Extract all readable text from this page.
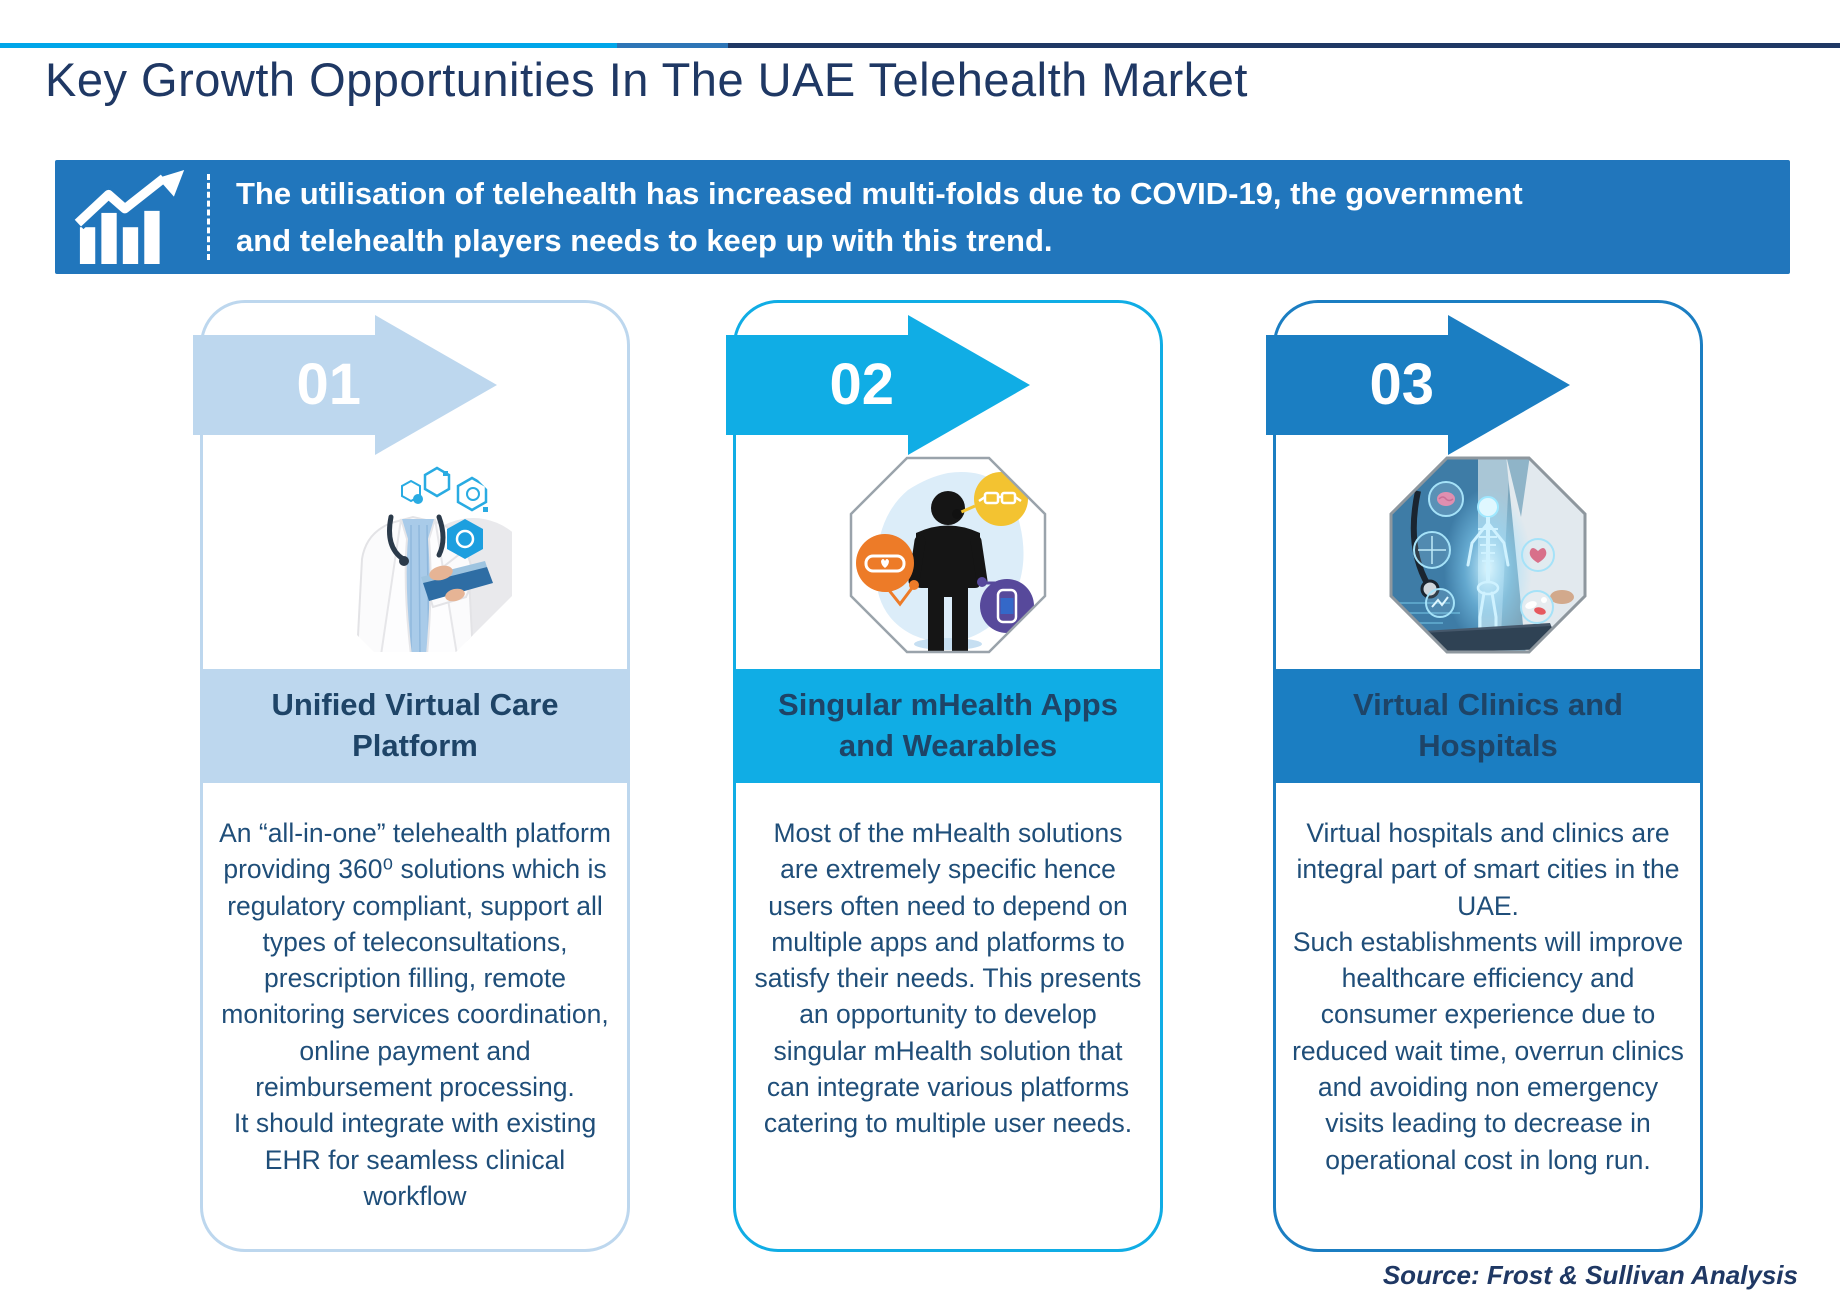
Key Growth Opportunities In The UAE Telehealth Market
The utilisation of telehealth has increased multi-folds due to COVID-19, the government
and telehealth players needs to keep up with this trend.
01
Unified Virtual Care Platform

An “all-in-one” telehealth platform providing 360⁰ solutions which is regulatory compliant, support all types of teleconsultations, prescription filling, remote monitoring services coordination, online payment and reimbursement processing.

It should integrate with existing EHR for seamless clinical workflow

02
Singular mHealth Apps and Wearables

Most of the mHealth solutions are extremely specific hence users often need to depend on multiple apps and platforms to satisfy their needs. This presents an opportunity to develop singular mHealth solution that can integrate various platforms catering to multiple user needs.

03
Virtual Clinics and Hospitals

Virtual hospitals and clinics are integral part of smart cities in the UAE.

Such establishments will improve healthcare efficiency and consumer experience due to reduced wait time, overrun clinics and avoiding non emergency visits leading to decrease in operational cost in long run.

Source: Frost & Sullivan Analysis
